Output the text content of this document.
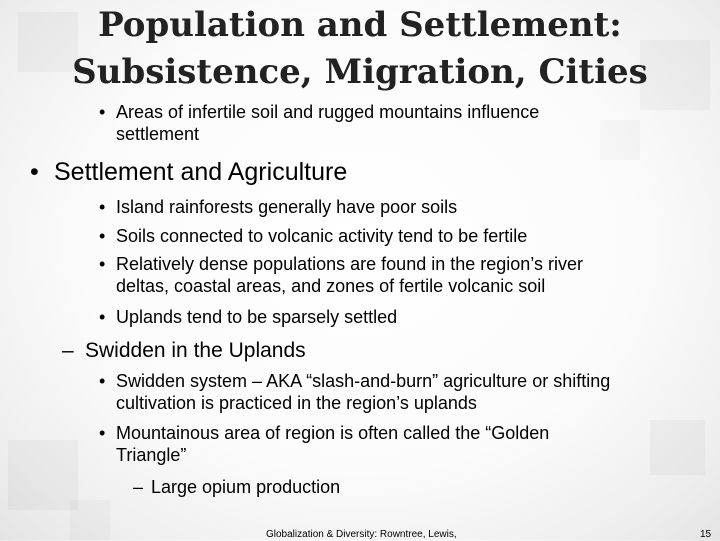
Population and Settlement:
Subsistence, Migration, Cities
• Areas of infertile soil and rugged mountains influence
settlement
• Settlement and Agriculture
• Island rainforests generally have poor soils
• Soils connected to volcanic activity tend to be fertile
• Relatively dense populations are found in the region’s river
deltas, coastal areas, and zones of fertile volcanic soil
• Uplands tend to be sparsely settled
– Swidden in the Uplands
• Swidden system – AKA “slash-and-burn” agriculture or shifting
cultivation is practiced in the region’s uplands
• Mountainous area of region is often called the “Golden
Triangle”
– Large opium production
Globalization & Diversity: Rowntree, Lewis,	15
